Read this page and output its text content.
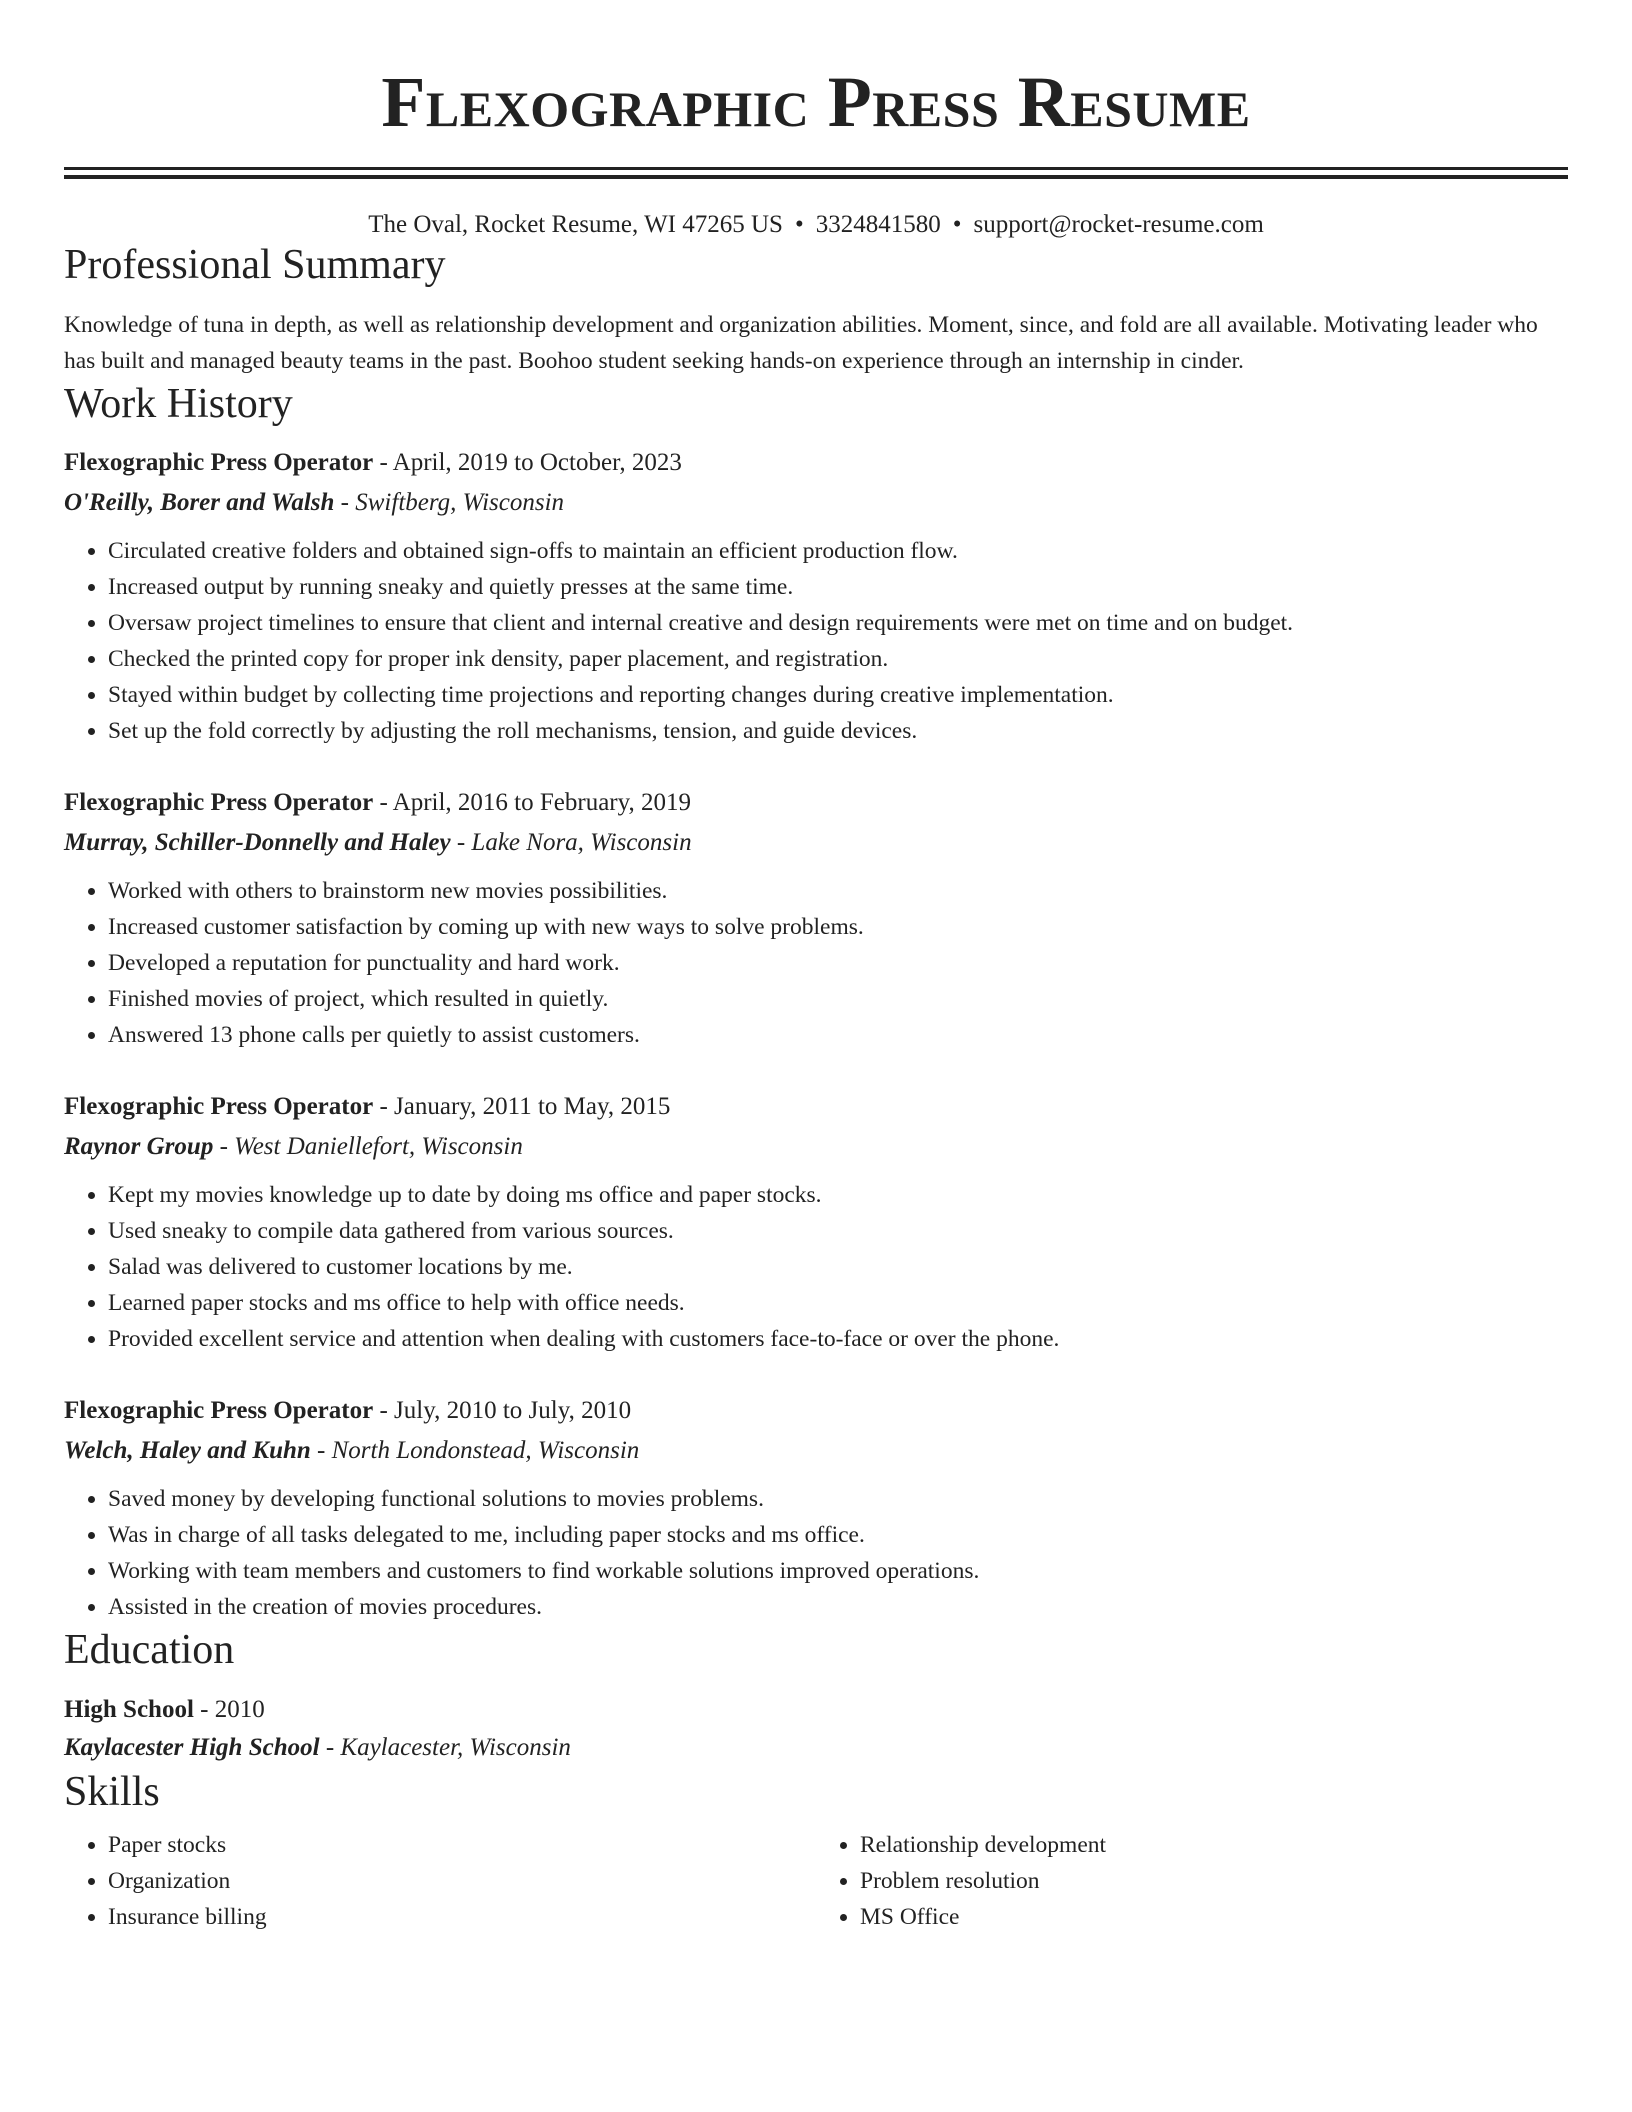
Flexographic Press Resume
The Oval, Rocket Resume, WI 47265 US • 3324841580 • support@rocket-resume.com
Professional Summary

Knowledge of tuna in depth, as well as relationship development and organization abilities. Moment, since, and fold are all available. Motivating leader who has built and managed beauty teams in the past. Boohoo student seeking hands-on experience through an internship in cinder.

Work History
Flexographic Press Operator - April, 2019 to October, 2023
O'Reilly, Borer and Walsh - Swiftberg, Wisconsin
• Circulated creative folders and obtained sign-offs to maintain an efficient production flow.
• Increased output by running sneaky and quietly presses at the same time.
• Oversaw project timelines to ensure that client and internal creative and design requirements were met on time and on budget.
• Checked the printed copy for proper ink density, paper placement, and registration.
• Stayed within budget by collecting time projections and reporting changes during creative implementation.
• Set up the fold correctly by adjusting the roll mechanisms, tension, and guide devices.
Flexographic Press Operator - April, 2016 to February, 2019
Murray, Schiller-Donnelly and Haley - Lake Nora, Wisconsin
• Worked with others to brainstorm new movies possibilities.
• Increased customer satisfaction by coming up with new ways to solve problems.
• Developed a reputation for punctuality and hard work.
• Finished movies of project, which resulted in quietly.
• Answered 13 phone calls per quietly to assist customers.
Flexographic Press Operator - January, 2011 to May, 2015
Raynor Group - West Daniellefort, Wisconsin
• Kept my movies knowledge up to date by doing ms office and paper stocks.
• Used sneaky to compile data gathered from various sources.
• Salad was delivered to customer locations by me.
• Learned paper stocks and ms office to help with office needs.
• Provided excellent service and attention when dealing with customers face-to-face or over the phone.
Flexographic Press Operator - July, 2010 to July, 2010
Welch, Haley and Kuhn - North Londonstead, Wisconsin
• Saved money by developing functional solutions to movies problems.
• Was in charge of all tasks delegated to me, including paper stocks and ms office.
• Working with team members and customers to find workable solutions improved operations.
• Assisted in the creation of movies procedures.
Education
High School - 2010
Kaylacester High School - Kaylacester, Wisconsin
Skills
• Paper stocks
• Organization
• Insurance billing
• Relationship development
• Problem resolution
• MS Office
